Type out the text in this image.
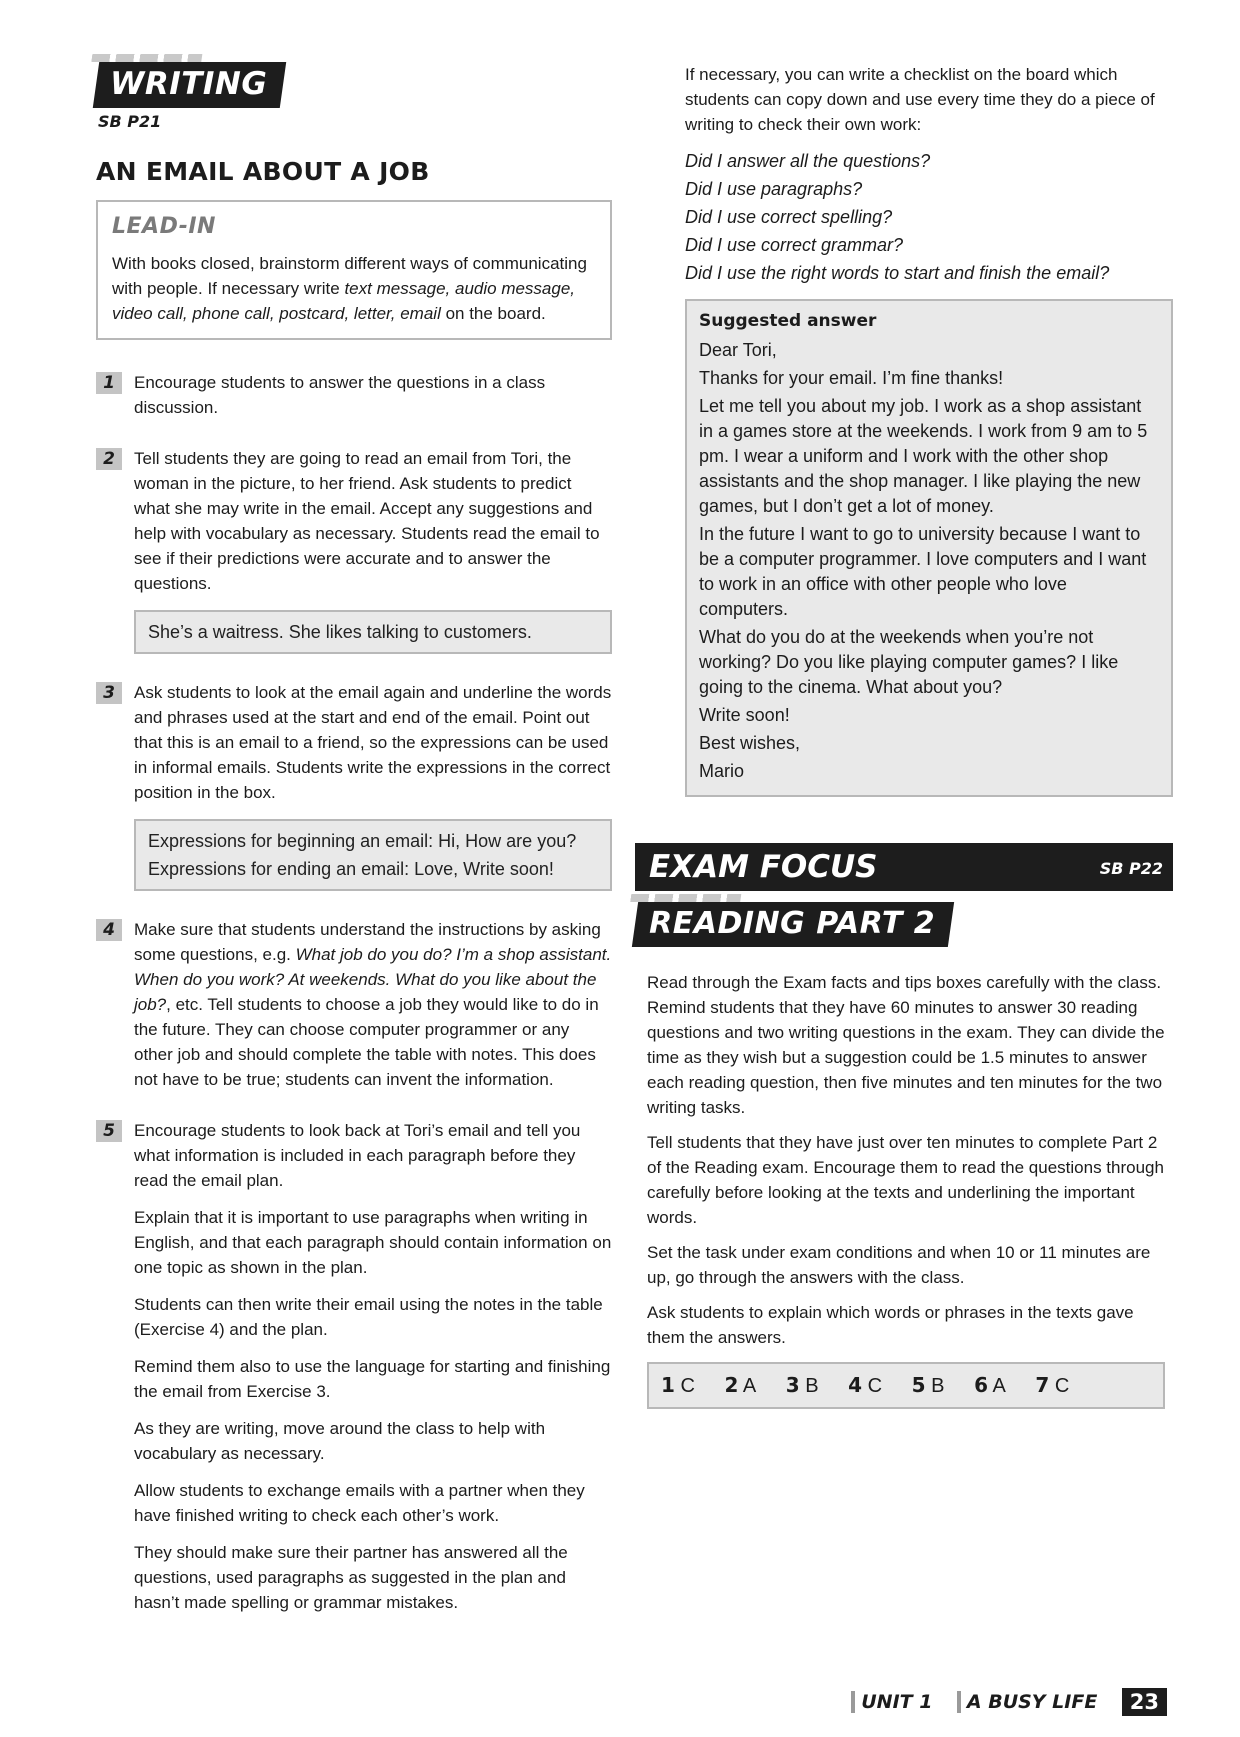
WRITING
SB P21
AN EMAIL ABOUT A JOB
LEAD-IN
With books closed, brainstorm different ways of communicating with people. If necessary write text message, audio message, video call, phone call, postcard, letter, email on the board.
1	Encourage students to answer the questions in a class discussion.

2	Tell students they are going to read an email from Tori, the woman in the picture, to her friend. Ask students to predict what she may write in the email. Accept any suggestions and help with vocabulary as necessary. Students read the email to see if their predictions were accurate and to answer the questions.

She’s a waitress. She likes talking to customers.
3	Ask students to look at the email again and underline the words and phrases used at the start and end of the email. Point out that this is an email to a friend, so the expressions can be used in informal emails. Students write the expressions in the correct position in the box.

Expressions for beginning an email: Hi, How are you?
Expressions for ending an email: Love, Write soon!
4	Make sure that students understand the instructions by asking some questions, e.g. What job do you do? I’m a shop assistant. When do you work? At weekends. What do you like about the job?, etc. Tell students to choose a job they would like to do in the future. They can choose computer programmer or any other job and should complete the table with notes. This does not have to be true; students can invent the information.

5	Encourage students to look back at Tori’s email and tell you what information is included in each paragraph before they read the email plan.

Explain that it is important to use paragraphs when writing in English, and that each paragraph should contain information on one topic as shown in the plan.

Students can then write their email using the notes in the table (Exercise 4) and the plan.

Remind them also to use the language for starting and finishing the email from Exercise 3.

As they are writing, move around the class to help with vocabulary as necessary.

Allow students to exchange emails with a partner when they have finished writing to check each other’s work.

They should make sure their partner has answered all the questions, used paragraphs as suggested in the plan and hasn’t made spelling or grammar mistakes.

If necessary, you can write a checklist on the board which students can copy down and use every time they do a piece of writing to check their own work:

Did I answer all the questions?
Did I use paragraphs?
Did I use correct spelling?
Did I use correct grammar?
Did I use the right words to start and finish the email?
Suggested answer

Dear Tori,

Thanks for your email. I’m fine thanks!

Let me tell you about my job. I work as a shop assistant in a games store at the weekends. I work from 9 am to 5 pm. I wear a uniform and I work with the other shop assistants and the shop manager. I like playing the new games, but I don’t get a lot of money.

In the future I want to go to university because I want to be a computer programmer. I love computers and I want to work in an office with other people who love computers.

What do you do at the weekends when you’re not working? Do you like playing computer games? I like going to the cinema. What about you?

Write soon!

Best wishes,

Mario

EXAM FOCUS	SB P22
READING PART 2

Read through the Exam facts and tips boxes carefully with the class. Remind students that they have 60 minutes to answer 30 reading questions and two writing questions in the exam. They can divide the time as they wish but a suggestion could be 1.5 minutes to answer each reading question, then five minutes and ten minutes for the two writing tasks.

Tell students that they have just over ten minutes to complete Part 2 of the Reading exam. Encourage them to read the questions through carefully before looking at the texts and underlining the important words.

Set the task under exam conditions and when 10 or 11 minutes are up, go through the answers with the class.

Ask students to explain which words or phrases in the texts gave them the answers.

1 C 2 A 3 B 4 C 5 B 6 A 7 C
UNIT 1 A BUSY LIFE 23
